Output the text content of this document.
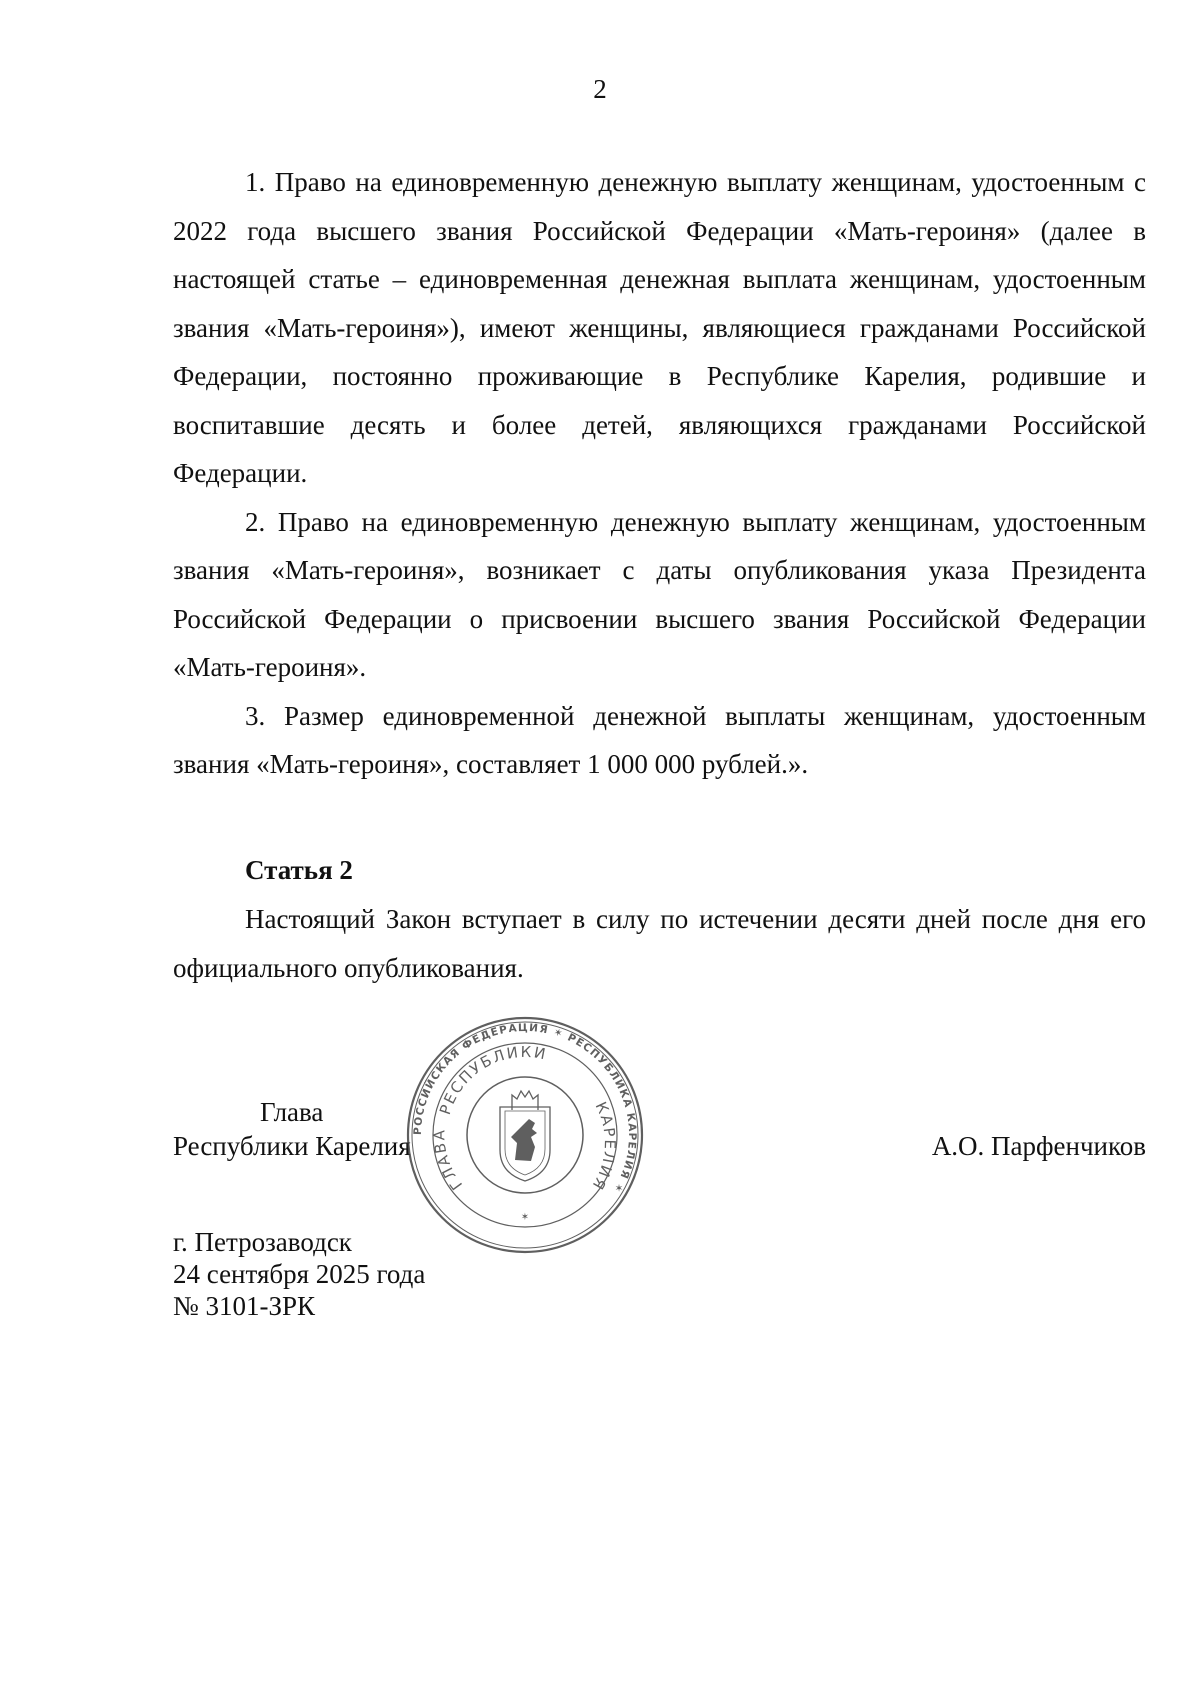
2

1. Право на единовременную денежную выплату женщинам, удостоенным с 2022 года высшего звания Российской Федерации «Мать-героиня» (далее в настоящей статье – единовременная денежная выплата женщинам, удостоенным звания «Мать-героиня»), имеют женщины, являющиеся гражданами Российской Федерации, постоянно проживающие в Республике Карелия, родившие и воспитавшие десять и более детей, являющихся гражданами Российской Федерации.

2. Право на единовременную денежную выплату женщинам, удостоенным звания «Мать-героиня», возникает с даты опубликования указа Президента Российской Федерации о присвоении высшего звания Российской Федерации «Мать-героиня».

3. Размер единовременной денежной выплаты женщинам, удостоенным звания «Мать-героиня», составляет 1 000 000 рублей.».

Статья 2

Настоящий Закон вступает в силу по истечении десяти дней после дня его официального опубликования.

Глава
Республики Карелия	А.О. Парфенчиков
РОССИЙСКАЯ ФЕДЕРАЦИЯ ✶ РЕСПУБЛИКА КАРЕЛИЯ ✶
РЕСПУБЛИКИ
КАРЕЛИЯ
ГЛАВА
✶
г. Петрозаводск
24 сентября 2025 года
№ 3101-ЗРК
